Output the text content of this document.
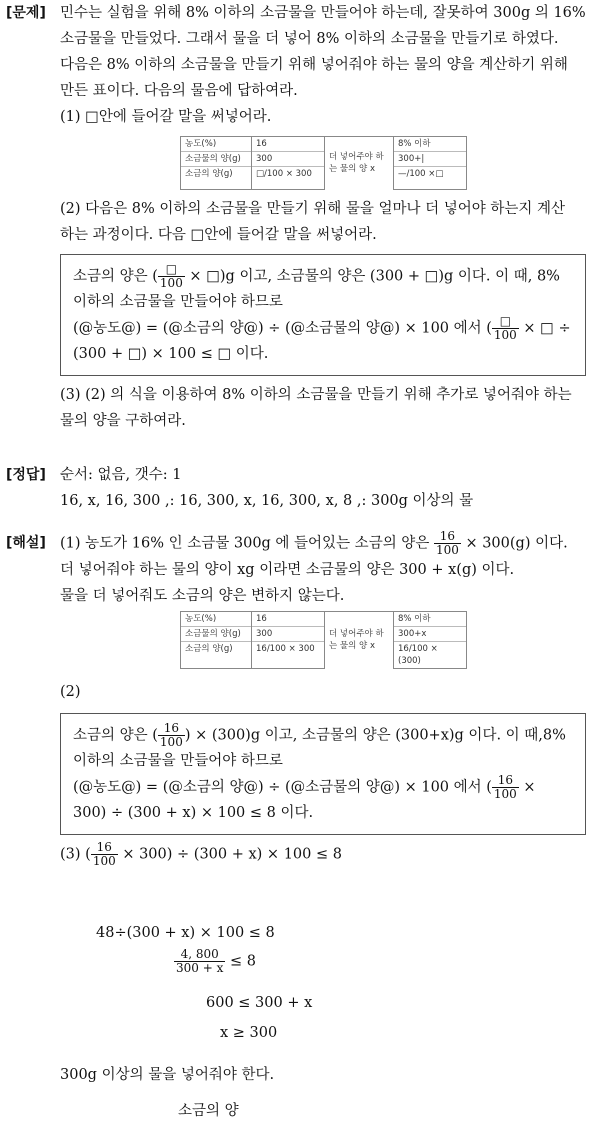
[문제] 민수는 실험을 위해 8% 이하의 소금물을 만들어야 하는데, 잘못하여 300g 의 16%

소금물을 만들었다. 그래서 물을 더 넣어 8% 이하의 소금물을 만들기로 하였다.

다음은 8% 이하의 소금물을 만들기 위해 넣어줘야 하는 물의 양을 계산하기 위해

만든 표이다. 다음의 물음에 답하여라.

(1) □안에 들어갈 말을 써넣어라.

농도(%)	16	더 넣어주야 하는 물의 양 x	8% 이하
소금물의 양(g)	300		300+|
소금의 양(g)	□/100 × 300		—/100 ×□

(2) 다음은 8% 이하의 소금물을 만들기 위해 물을 얼마나 더 넣어야 하는지 계산

하는 과정이다. 다음 □안에 들어갈 말을 써넣어라.

소금의 양은 ( $\frac{□}{100}$ × □)g 이고, 소금물의 양은 (300 + □)g 이다. 이 때, 8%
이하의 소금물을 만들어야 하므로
(@농도@) = (@소금의 양@) ÷ (@소금물의 양@) × 100 에서 ( $\frac{□}{100}$ × □ ÷
(300 + □) × 100 ≤ □ 이다.

(3) (2) 의 식을 이용하여 8% 이하의 소금물을 만들기 위해 추가로 넣어줘야 하는

물의 양을 구하여라.

[정답] 순서: 없음, 갯수: 1

16, x, 16, 300 ,: 16, 300, x, 16, 300, x, 8 ,: 300g 이상의 물

[해설] (1) 농도가 16% 인 소금물 300g 에 들어있는 소금의 양은 $\frac{16}{100} \times 300(g)$ 이다.

더 넣어줘야 하는 물의 양이 xg 이라면 소금물의 양은 300 + x(g) 이다.

물을 더 넣어줘도 소금의 양은 변하지 않는다.

농도(%)	16	더 넣어주야 하는 물의 양 x	8% 이하
소금물의 양(g)	300		300+x
소금의 양(g)	16/100 × 300		16/100 × (300)

(2)

소금의 양은 ( $\frac{16}{100}$ ) × (300)g 이고, 소금물의 양은 (300+x)g 이다. 이 때,8%
이하의 소금물을 만들어야 하므로
(@농도@) = (@소금의 양@) ÷ (@소금물의 양@) × 100 에서 ( $\frac{16}{100}$ ×
300) ÷ (300 + x) × 100 ≤ 8 이다.
(3) ( $\frac{16}{100} \times 300) \div (300 + x) \times 100 \le 8$
48÷(300 + x) × 100 ≤ 8
$\frac{4, 800}{300 + x} \le 8$
600 ≤ 300 + x
x ≥ 300
300g 이상의 물을 넣어줘야 한다.
소금의 양
